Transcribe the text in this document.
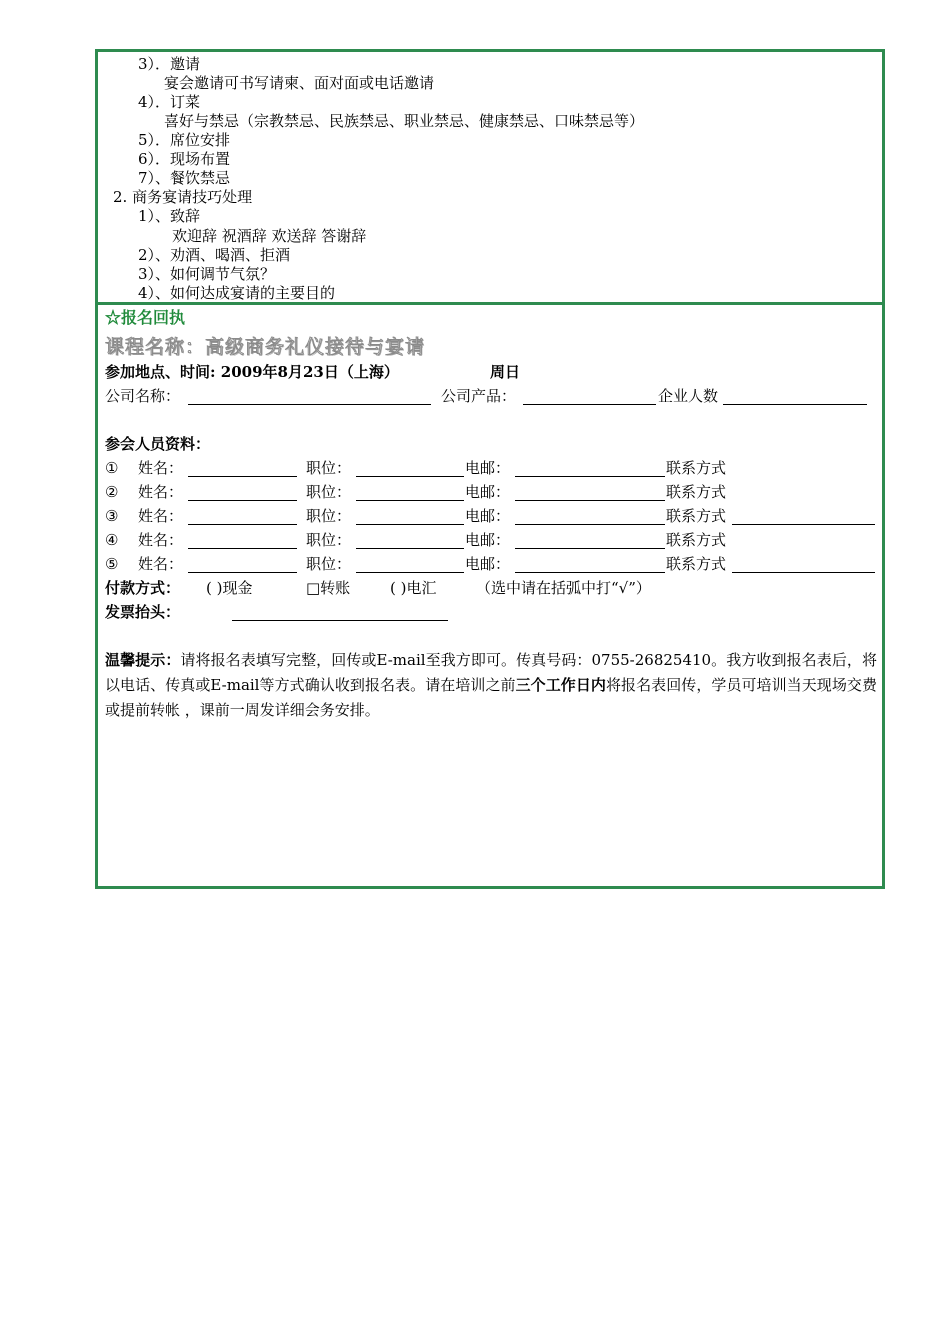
3）．邀请
宴会邀请可书写请柬、面对面或电话邀请
4）．订菜
喜好与禁忌（宗教禁忌、民族禁忌、职业禁忌、健康禁忌、口味禁忌等）
5）．席位安排
6）．现场布置
7）、餐饮禁忌
2. 商务宴请技巧处理
1）、致辞
欢迎辞 祝酒辞 欢送辞 答谢辞
2）、劝酒、喝酒、拒酒
3）、如何调节气氛？
4）、如何达成宴请的主要目的
☆报名回执
课程名称：高级商务礼仪接待与宴请
参加地点、时间: 2009年8月23日（上海）	周日
公司名称：	公司产品：	企业人数
参会人员资料：
① 姓名：	职位：	电邮：	联系方式
② 姓名：	职位：	电邮：	联系方式
③ 姓名：	职位：	电邮：	联系方式
④ 姓名：	职位：	电邮：	联系方式
⑤ 姓名：	职位：	电邮：	联系方式
付款方式： ( )现金	□转账	( )电汇	（选中请在括弧中打“√”）
发票抬头：
温馨提示：请将报名表填写完整，回传或E-mail至我方即可。传真号码：0755-26825410。我方收到报名表后，将以电话、传真或E-mail等方式确认收到报名表。请在培训之前三个工作日内将报名表回传，学员可培训当天现场交费或提前转帐 ，课前一周发详细会务安排。
